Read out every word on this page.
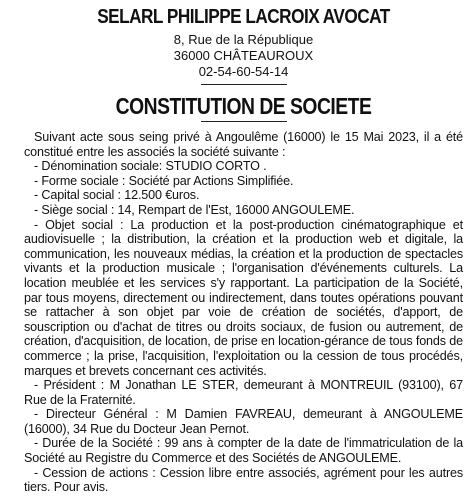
SELARL PHILIPPE LACROIX AVOCAT
8, Rue de la République
36000 CHÂTEAUROUX
02-54-60-54-14
CONSTITUTION DE SOCIETE

Suivant acte sous seing privé à Angoulême (16000) le 15 Mai 2023, il a été constitué entre les associés la société suivante :

- Dénomination sociale: STUDIO CORTO .

- Forme sociale : Société par Actions Simplifiée.

- Capital social : 12.500 €uros.

- Siège social : 14, Rempart de l'Est, 16000 ANGOULEME.

- Objet social : La production et la post-production cinématographique et audiovisuelle ; la distribution, la création et la production web et digitale, la communication, les nouveaux médias, la création et la production de spectacles vivants et la production musicale ; l'organisation d'événements culturels. La location meublée et les services s'y rapportant. La participation de la Société, par tous moyens, directement ou indirectement, dans toutes opérations pouvant se rattacher à son objet par voie de création de sociétés, d'apport, de souscription ou d'achat de titres ou droits sociaux, de fusion ou autrement, de création, d'acquisition, de location, de prise en location-gérance de tous fonds de commerce ; la prise, l'acquisition, l'exploitation ou la cession de tous procédés, marques et brevets concernant ces activités.

- Président : M Jonathan LE STER, demeurant à MONTREUIL (93100), 67 Rue de la Fraternité.

- Directeur Général : M Damien FAVREAU, demeurant à ANGOULEME (16000), 34 Rue du Docteur Jean Pernot.

- Durée de la Société : 99 ans à compter de la date de l'immatriculation de la Société au Registre du Commerce et des Sociétés de ANGOULEME.

- Cession de actions : Cession libre entre associés, agrément pour les autres tiers. Pour avis.
